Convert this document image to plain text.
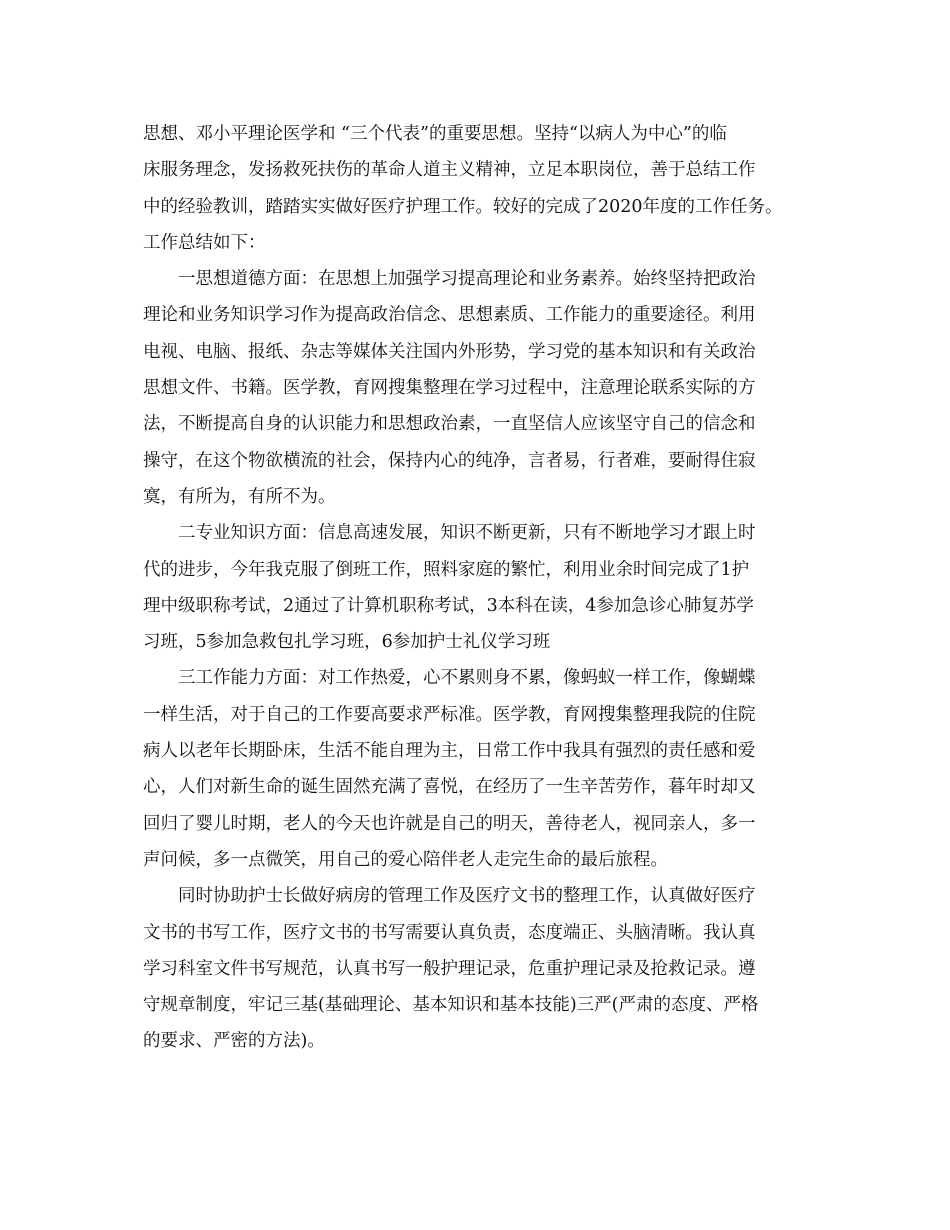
思想、邓小平理论医学和 “三个代表”的重要思想。坚持“以病人为中心”的临
床服务理念，发扬救死扶伤的革命人道主义精神，立足本职岗位，善于总结工作
中的经验教训，踏踏实实做好医疗护理工作。较好的完成了2020年度的工作任务。
工作总结如下：
一思想道德方面：在思想上加强学习提高理论和业务素养。始终坚持把政治
理论和业务知识学习作为提高政治信念、思想素质、工作能力的重要途径。利用
电视、电脑、报纸、杂志等媒体关注国内外形势，学习党的基本知识和有关政治
思想文件、书籍。医学教，育网搜集整理在学习过程中，注意理论联系实际的方
法，不断提高自身的认识能力和思想政治素，一直坚信人应该坚守自己的信念和
操守，在这个物欲横流的社会，保持内心的纯净，言者易，行者难，要耐得住寂
寞，有所为，有所不为。
二专业知识方面：信息高速发展，知识不断更新，只有不断地学习才跟上时
代的进步，今年我克服了倒班工作，照料家庭的繁忙，利用业余时间完成了1护
理中级职称考试，2通过了计算机职称考试，3本科在读，4参加急诊心肺复苏学
习班，5参加急救包扎学习班，6参加护士礼仪学习班
三工作能力方面：对工作热爱，心不累则身不累，像蚂蚁一样工作，像蝴蝶
一样生活，对于自己的工作要高要求严标准。医学教，育网搜集整理我院的住院
病人以老年长期卧床，生活不能自理为主，日常工作中我具有强烈的责任感和爱
心，人们对新生命的诞生固然充满了喜悦，在经历了一生辛苦劳作，暮年时却又
回归了婴儿时期，老人的今天也许就是自己的明天，善待老人，视同亲人，多一
声问候，多一点微笑，用自己的爱心陪伴老人走完生命的最后旅程。
同时协助护士长做好病房的管理工作及医疗文书的整理工作，认真做好医疗
文书的书写工作，医疗文书的书写需要认真负责，态度端正、头脑清晰。我认真
学习科室文件书写规范，认真书写一般护理记录，危重护理记录及抢救记录。遵
守规章制度，牢记三基(基础理论、基本知识和基本技能)三严(严肃的态度、严格
的要求、严密的方法)。
